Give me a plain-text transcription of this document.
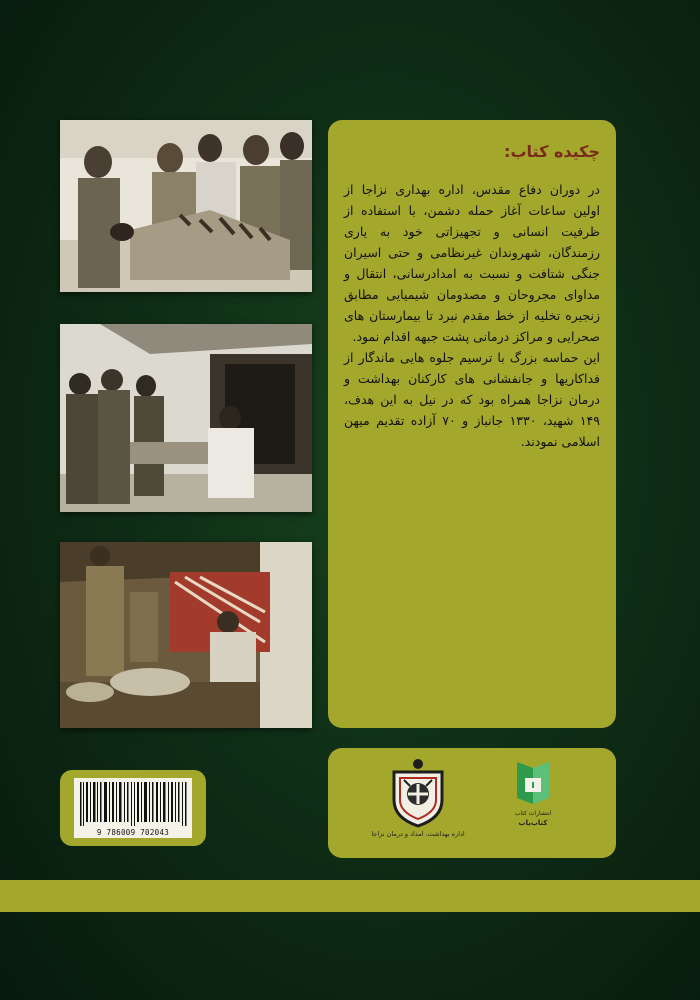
چکیده کتاب:

در دوران دفاع مقدس، اداره بهداری نزاجا از اولین ساعات آغاز حمله دشمن، با استفاده از ظرفیت انسانی و تجهیزاتی خود به یاری رزمندگان، شهروندان غیرنظامی و حتی اسیران جنگی شتافت و نسبت به امدادرسانی، انتقال و مداوای مجروحان و مصدومان شیمیایی مطابق زنجیره تخلیه از خط مقدم نبرد تا بیمارستان های صحرایی و مراکز درمانی پشت جبهه اقدام نمود.

این حماسه بزرگ با ترسیم جلوه هایی ماندگار از فداکاریها و جانفشانی های کارکنان بهداشت و درمان نزاجا همراه بود که در نیل به این هدف، ۱۴۹ شهید، ۱۳۳۰ جانباز و ۷۰ آزاده تقدیم میهن اسلامی نمودند.

اداره بهداشت، امداد و درمان نزاجا
انتشارات کتاب
کتاب‌یاب
9 786009 702043
